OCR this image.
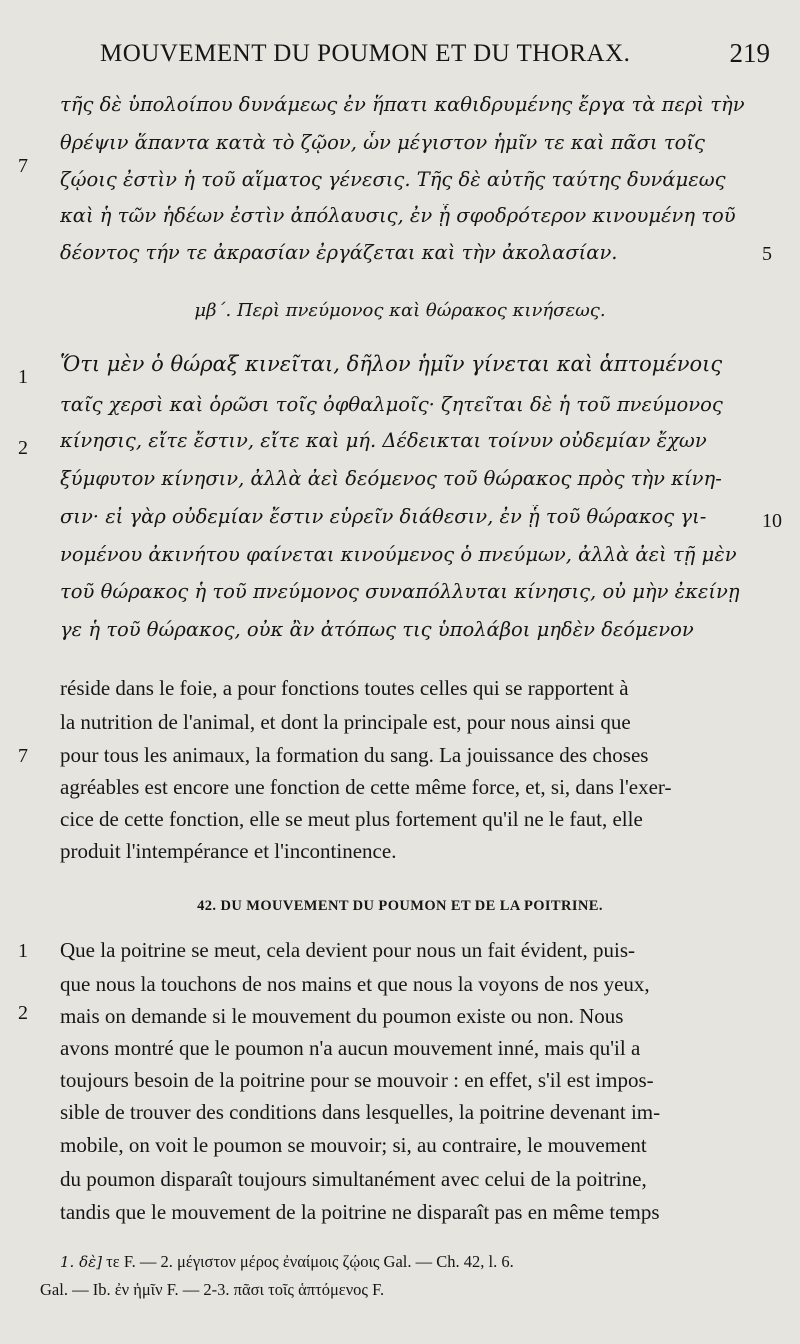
MOUVEMENT DU POUMON ET DU THORAX.	219
τῆς δὲ ὑπολοίπου δυνάμεως ἐν ἥπατι καθιδρυμένης ἔργα τὰ περὶ τὴν
θρέψιν ἅπαντα κατὰ τὸ ζῷον, ὧν μέγιστον ἡμῖν τε καὶ πᾶσι τοῖς
7
ζῴοις ἐστὶν ἡ τοῦ αἵματος γένεσις. Τῆς δὲ αὐτῆς ταύτης δυνάμεως
καὶ ἡ τῶν ἡδέων ἐστὶν ἀπόλαυσις, ἐν ᾗ σφοδρότερον κινουμένη τοῦ
δέοντος τήν τε ἀκρασίαν ἐργάζεται καὶ τὴν ἀκολασίαν.	5
μβ΄. Περὶ πνεύμονος καὶ θώρακος κινήσεως.
1
Ὅτι μὲν ὁ θώραξ κινεῖται, δῆλον ἡμῖν γίνεται καὶ ἁπτομένοις
ταῖς χερσὶ καὶ ὁρῶσι τοῖς ὀφθαλμοῖς· ζητεῖται δὲ ἡ τοῦ πνεύμονος
2 κίνησις, εἴτε ἔστιν, εἴτε καὶ μή. Δέδεικται τοίνυν οὐδεμίαν ἔχων
ξύμφυτον κίνησιν, ἀλλὰ ἀεὶ δεόμενος τοῦ θώρακος πρὸς τὴν κίνη-
σιν· εἰ γὰρ οὐδεμίαν ἔστιν εὑρεῖν διάθεσιν, ἐν ᾗ τοῦ θώρακος γι-	10
νομένου ἀκινήτου φαίνεται κινούμενος ὁ πνεύμων, ἀλλὰ ἀεὶ τῇ μὲν
τοῦ θώρακος ἡ τοῦ πνεύμονος συναπόλλυται κίνησις, οὐ μὴν ἐκείνῃ
γε ἡ τοῦ θώρακος, οὐκ ἂν ἀτόπως τις ὑπολάβοι μηδὲν δεόμενον
réside dans le foie, a pour fonctions toutes celles qui se rapportent à
la nutrition de l'animal, et dont la principale est, pour nous ainsi que
7 pour tous les animaux, la formation du sang. La jouissance des choses
agréables est encore une fonction de cette même force, et, si, dans l'exer-
cice de cette fonction, elle se meut plus fortement qu'il ne le faut, elle
produit l'intempérance et l'incontinence.
42. DU MOUVEMENT DU POUMON ET DE LA POITRINE.
1 Que la poitrine se meut, cela devient pour nous un fait évident, puis-
que nous la touchons de nos mains et que nous la voyons de nos yeux,
2 mais on demande si le mouvement du poumon existe ou non. Nous
avons montré que le poumon n'a aucun mouvement inné, mais qu'il a
toujours besoin de la poitrine pour se mouvoir : en effet, s'il est impos-
sible de trouver des conditions dans lesquelles, la poitrine devenant im-
mobile, on voit le poumon se mouvoir; si, au contraire, le mouvement
du poumon disparaît toujours simultanément avec celui de la poitrine,
tandis que le mouvement de la poitrine ne disparaît pas en même temps
1. δὲ] τε F. — 2. μέγιστον μέρος ἐναίμοις ζῴοις Gal. — Ch. 42, l. 6.
Gal. — Ib. ἐν ἡμῖν F. — 2-3. πᾶσι τοῖς ἁπτόμενος F.
